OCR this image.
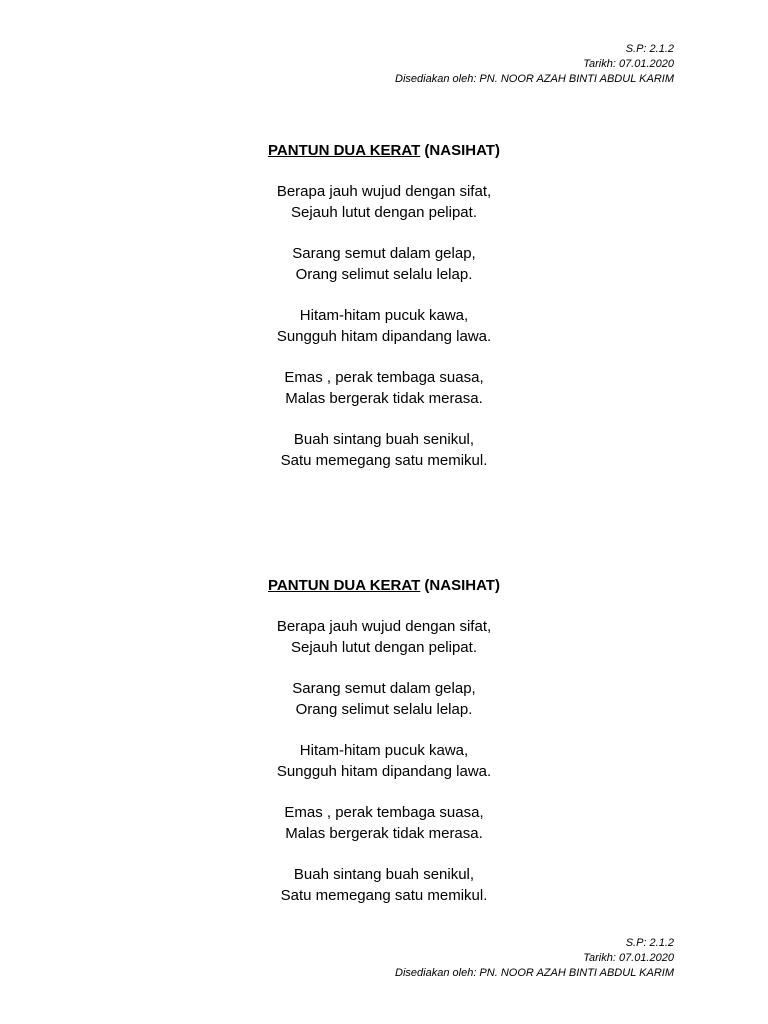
S.P: 2.1.2
Tarikh: 07.01.2020
Disediakan oleh: PN. NOOR AZAH BINTI ABDUL KARIM
PANTUN DUA KERAT (NASIHAT)
Berapa jauh wujud dengan sifat,
Sejauh lutut dengan pelipat.
Sarang semut dalam gelap,
Orang selimut selalu lelap.
Hitam-hitam pucuk kawa,
Sungguh hitam dipandang lawa.
Emas , perak tembaga suasa,
Malas bergerak tidak merasa.
Buah sintang buah senikul,
Satu memegang satu memikul.
PANTUN DUA KERAT (NASIHAT)
Berapa jauh wujud dengan sifat,
Sejauh lutut dengan pelipat.
Sarang semut dalam gelap,
Orang selimut selalu lelap.
Hitam-hitam pucuk kawa,
Sungguh hitam dipandang lawa.
Emas , perak tembaga suasa,
Malas bergerak tidak merasa.
Buah sintang buah senikul,
Satu memegang satu memikul.
S.P: 2.1.2
Tarikh: 07.01.2020
Disediakan oleh: PN. NOOR AZAH BINTI ABDUL KARIM
